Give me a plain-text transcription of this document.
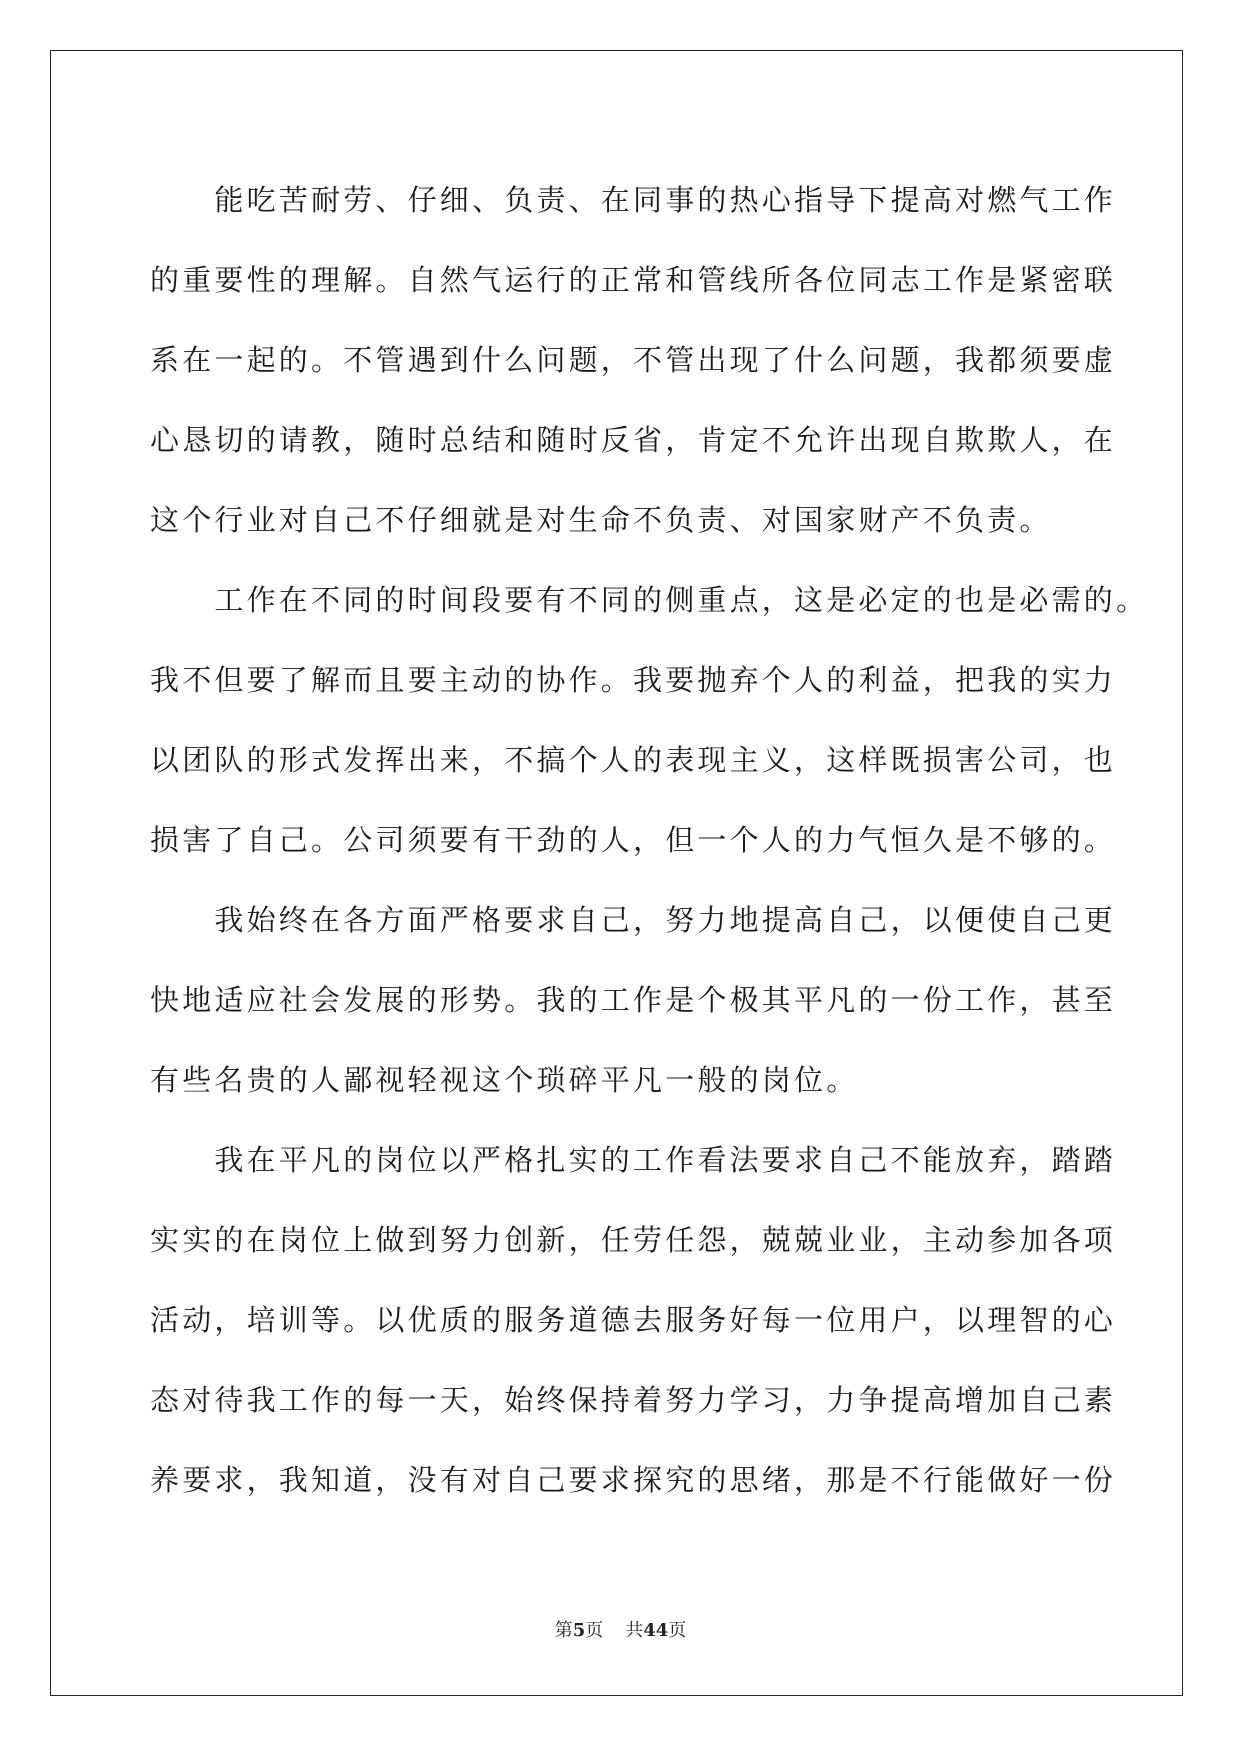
　　能吃苦耐劳、仔细、负责、在同事的热心指导下提高对燃气工作

的重要性的理解。自然气运行的正常和管线所各位同志工作是紧密联

系在一起的。不管遇到什么问题，不管出现了什么问题，我都须要虚

心恳切的请教，随时总结和随时反省，肯定不允许出现自欺欺人，在

这个行业对自己不仔细就是对生命不负责、对国家财产不负责。

　　工作在不同的时间段要有不同的侧重点，这是必定的也是必需的。

我不但要了解而且要主动的协作。我要抛弃个人的利益，把我的实力

以团队的形式发挥出来，不搞个人的表现主义，这样既损害公司，也

损害了自己。公司须要有干劲的人，但一个人的力气恒久是不够的。

　　我始终在各方面严格要求自己，努力地提高自己，以便使自己更

快地适应社会发展的形势。我的工作是个极其平凡的一份工作，甚至

有些名贵的人鄙视轻视这个琐碎平凡一般的岗位。

　　我在平凡的岗位以严格扎实的工作看法要求自己不能放弃，踏踏

实实的在岗位上做到努力创新，任劳任怨，兢兢业业，主动参加各项

活动，培训等。以优质的服务道德去服务好每一位用户，以理智的心

态对待我工作的每一天，始终保持着努力学习，力争提高增加自己素

养要求，我知道，没有对自己要求探究的思绪，那是不行能做好一份

第5页 共44页
